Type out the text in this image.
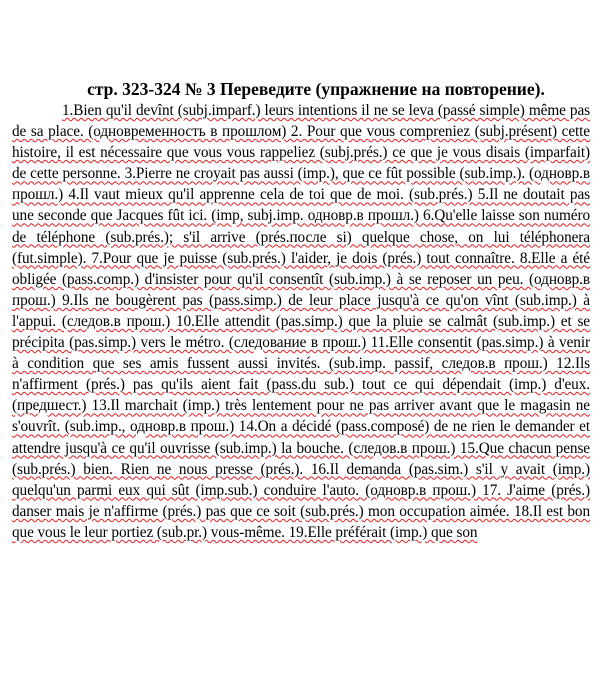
стр. 323-324 № 3 Переведите (упражнение на повторение).

1.Bien qu'il devînt (subj.imparf.) leurs intentions il ne se leva (passé simple) même pas de sa place. (одновременность в прошлом) 2. Pour que vous compreniez (subj.présent) cette histoire, il est nécessaire que vous vous rappeliez (subj.prés.) ce que je vous disais (imparfait) de cette personne. 3.Pierre ne croyait pas aussi (imp.), que ce fût possible (sub.imp.). (одновр.в прошл.) 4.Il vaut mieux qu'il apprenne cela de toi que de moi. (sub.prés.) 5.Il ne doutait pas une seconde que Jacques fût ici. (imp, subj.imp. одновр.в прошл.) 6.Qu'elle laisse son numéro de téléphone (sub.prés.); s'il arrive (prés.после si) quelque chose, on lui téléphonera (fut.simple). 7.Pour que je puisse (sub.prés.) l'aider, je dois (prés.) tout connaître. 8.Elle a été obligée (pass.comp.) d'insister pour qu'il consentît (sub.imp.) à se reposer un peu. (одновр.в прош.) 9.Ils ne bougèrent pas (pass.simp.) de leur place jusqu'à ce qu'on vînt (sub.imp.) à l'appui. (следов.в прош.) 10.Elle attendit (pas.simp.) que la pluie se calmât (sub.imp.) et se précipita (pas.simp.) vers le métro. (следование в прош.) 11.Elle consentit (pas.simp.) à venir à condition que ses amis fussent aussi invités. (sub.imp. passif, следов.в прош.) 12.Ils n'affirment (prés.) pas qu'ils aient fait (pass.du sub.) tout ce qui dépendait (imp.) d'eux.(предшест.) 13.Il marchait (imp.) très lentement pour ne pas arriver avant que le magasin ne s'ouvrît. (sub.imp., одновр.в прош.) 14.On a décidé (pass.composé) de ne rien le demander et attendre jusqu'à ce qu'il ouvrisse (sub.imp.) la bouche. (следов.в прош.) 15.Que chacun pense (sub.prés.) bien. Rien ne nous presse (prés.). 16.Il demanda (pas.sim.) s'il y avait (imp.) quelqu'un parmi eux qui sût (imp.sub.) conduire l'auto. (одновр.в прош.) 17. J'aime (prés.) danser mais je n'affirme (prés.) pas que ce soit (sub.prés.) mon occupation aimée. 18.Il est bon que vous le leur portiez (sub.pr.) vous-même. 19.Elle préférait (imp.) que son
